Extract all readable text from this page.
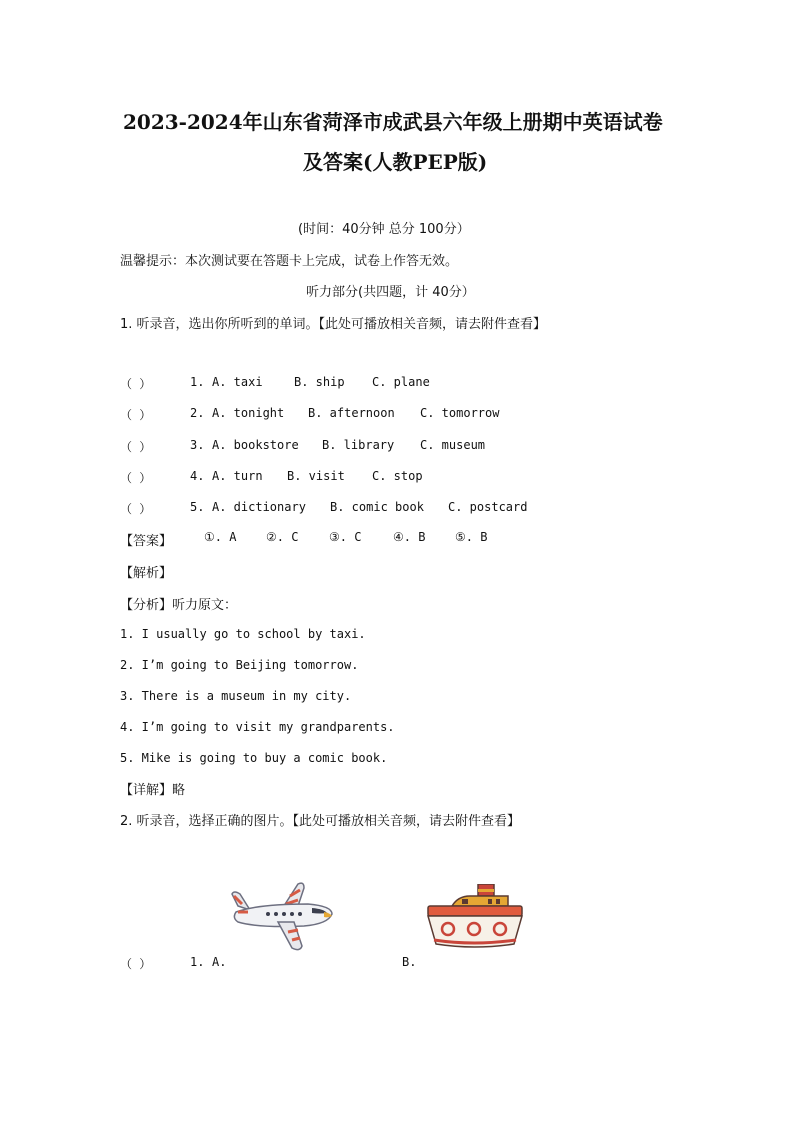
2023-2024年山东省菏泽市成武县六年级上册期中英语试卷
及答案(人教PEP版)
(时间：40分钟 总分 100分）
温馨提示：本次测试要在答题卡上完成，试卷上作答无效。
听力部分(共四题，计 40分）
1. 听录音，选出你所听到的单词。【此处可播放相关音频，请去附件查看】
（ ）	1. A. taxi	B. ship C. plane
（ ）	2. A. tonight B. afternoon C. tomorrow
（ ）	3. A. bookstore B. library C. museum
（ ）	4. A. turn B. visit C. stop
（ ）	5. A. dictionary B. comic book C. postcard
【答案】	①. A ②. C	③. C	④. B ⑤. B
【解析】
【分析】听力原文：
1. I usually go to school by taxi.
2. I’m going to Beijing tomorrow.
3. There is a museum in my city.
4. I’m going to visit my grandparents.
5. Mike is going to buy a comic book.
【详解】略
2. 听录音，选择正确的图片。【此处可播放相关音频，请去附件查看】
（ ）	1. A.	B.
